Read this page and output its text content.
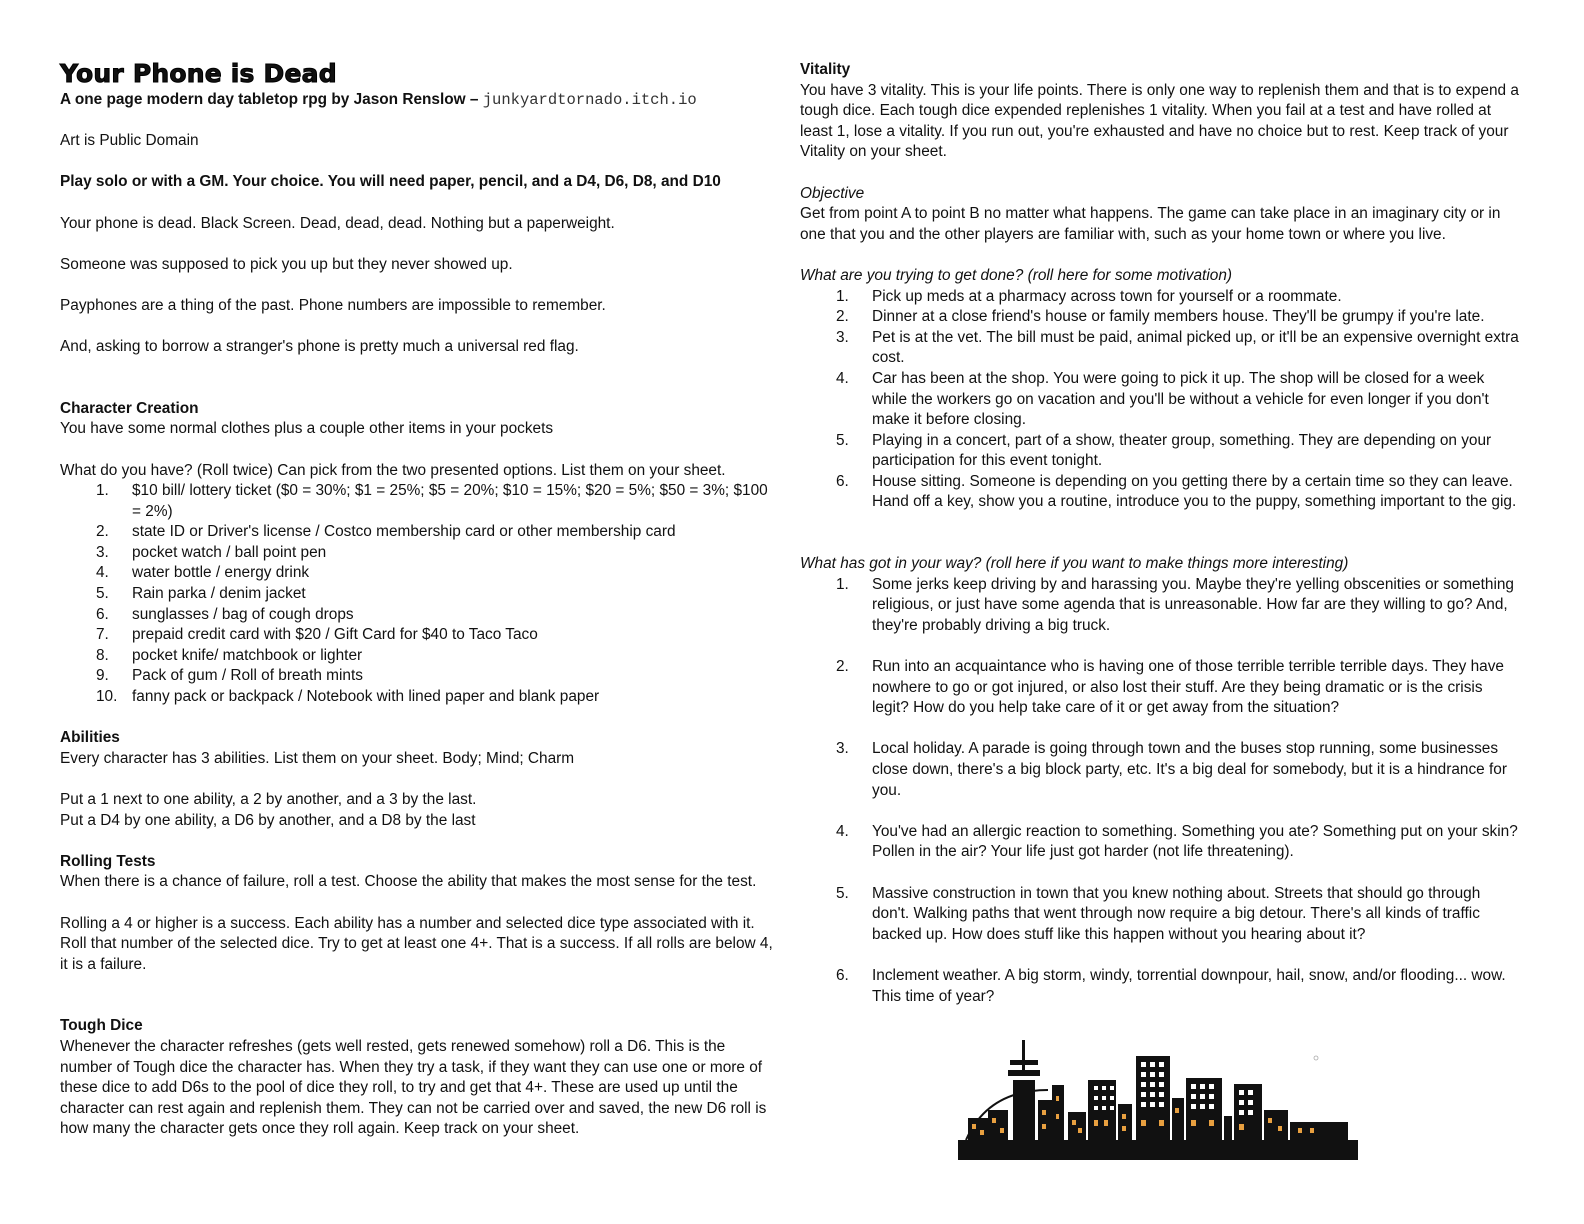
Your Phone is Dead

A one page modern day tabletop rpg by Jason Renslow – junkyardtornado.itch.io

Art is Public Domain

Play solo or with a GM. Your choice. You will need paper, pencil, and a D4, D6, D8, and D10

Your phone is dead. Black Screen. Dead, dead, dead. Nothing but a paperweight.

Someone was supposed to pick you up but they never showed up.

Payphones are a thing of the past. Phone numbers are impossible to remember.

And, asking to borrow a stranger's phone is pretty much a universal red flag.

Character Creation

You have some normal clothes plus a couple other items in your pockets

What do you have? (Roll twice) Can pick from the two presented options. List them on your sheet.

1. $10 bill/ lottery ticket ($0 = 30%; $1 = 25%; $5 = 20%; $10 = 15%; $20 = 5%; $50 = 3%; $100 = 2%)
2. state ID or Driver's license / Costco membership card or other membership card
3. pocket watch / ball point pen
4. water bottle / energy drink
5. Rain parka / denim jacket
6. sunglasses / bag of cough drops
7. prepaid credit card with $20 / Gift Card for $40 to Taco Taco
8. pocket knife/ matchbook or lighter
9. Pack of gum / Roll of breath mints
10. fanny pack or backpack / Notebook with lined paper and blank paper

Abilities

Every character has 3 abilities. List them on your sheet. Body; Mind; Charm

Put a 1 next to one ability, a 2 by another, and a 3 by the last.

Put a D4 by one ability, a D6 by another, and a D8 by the last

Rolling Tests

When there is a chance of failure, roll a test. Choose the ability that makes the most sense for the test.

Rolling a 4 or higher is a success. Each ability has a number and selected dice type associated with it. Roll that number of the selected dice. Try to get at least one 4+. That is a success. If all rolls are below 4, it is a failure.

Tough Dice

Whenever the character refreshes (gets well rested, gets renewed somehow) roll a D6. This is the number of Tough dice the character has. When they try a task, if they want they can use one or more of these dice to add D6s to the pool of dice they roll, to try and get that 4+. These are used up until the character can rest again and replenish them. They can not be carried over and saved, the new D6 roll is how many the character gets once they roll again. Keep track on your sheet.

Vitality

You have 3 vitality. This is your life points. There is only one way to replenish them and that is to expend a tough dice. Each tough dice expended replenishes 1 vitality. When you fail at a test and have rolled at least 1, lose a vitality. If you run out, you're exhausted and have no choice but to rest. Keep track of your Vitality on your sheet.

Objective

Get from point A to point B no matter what happens. The game can take place in an imaginary city or in one that you and the other players are familiar with, such as your home town or where you live.

What are you trying to get done? (roll here for some motivation)

1. Pick up meds at a pharmacy across town for yourself or a roommate.
2. Dinner at a close friend's house or family members house. They'll be grumpy if you're late.
3. Pet is at the vet. The bill must be paid, animal picked up, or it'll be an expensive overnight extra cost.
4. Car has been at the shop. You were going to pick it up. The shop will be closed for a week while the workers go on vacation and you'll be without a vehicle for even longer if you don't make it before closing.
5. Playing in a concert, part of a show, theater group, something. They are depending on your participation for this event tonight.
6. House sitting. Someone is depending on you getting there by a certain time so they can leave. Hand off a key, show you a routine, introduce you to the puppy, something important to the gig.

What has got in your way? (roll here if you want to make things more interesting)

1. Some jerks keep driving by and harassing you. Maybe they're yelling obscenities or something religious, or just have some agenda that is unreasonable. How far are they willing to go? And, they're probably driving a big truck.
2. Run into an acquaintance who is having one of those terrible terrible terrible days. They have nowhere to go or got injured, or also lost their stuff. Are they being dramatic or is the crisis legit? How do you help take care of it or get away from the situation?
3. Local holiday. A parade is going through town and the buses stop running, some businesses close down, there's a big block party, etc. It's a big deal for somebody, but it is a hindrance for you.
4. You've had an allergic reaction to something. Something you ate? Something put on your skin? Pollen in the air? Your life just got harder (not life threatening).
5. Massive construction in town that you knew nothing about. Streets that should go through don't. Walking paths that went through now require a big detour. There's all kinds of traffic backed up. How does stuff like this happen without you hearing about it?
6. Inclement weather. A big storm, windy, torrential downpour, hail, snow, and/or flooding... wow. This time of year?
